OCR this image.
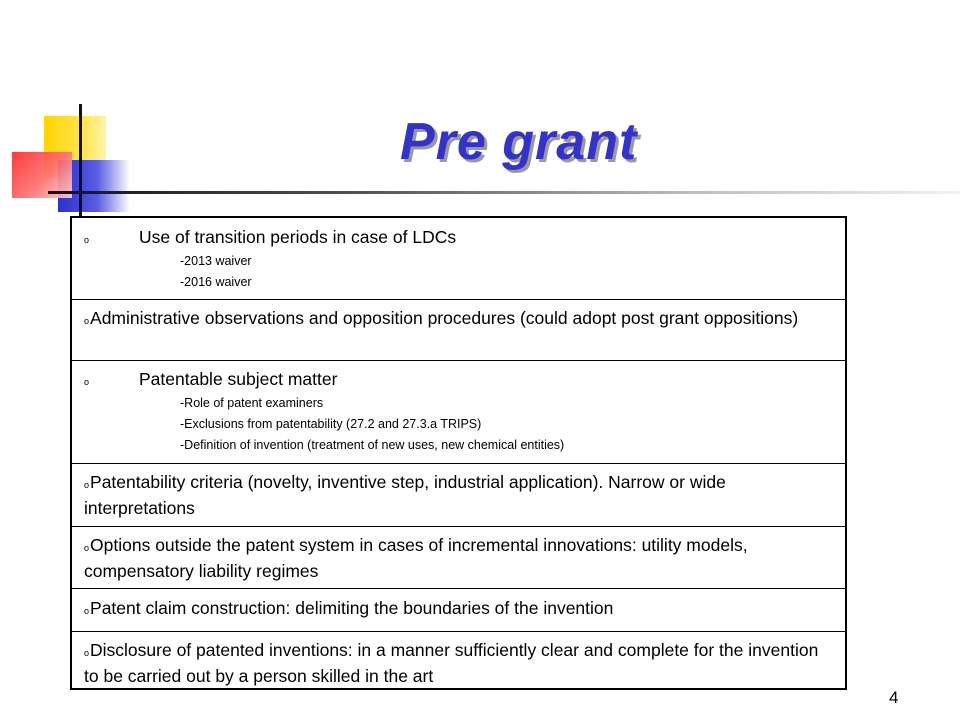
Pre grant
o	Use of transition periods in case of LDCs
-2013 waiver
-2016 waiver
oAdministrative observations and opposition procedures (could adopt post grant oppositions)
o	Patentable subject matter
-Role of patent examiners
-Exclusions from patentability (27.2 and 27.3.a TRIPS)
-Definition of invention (treatment of new uses, new chemical entities)
oPatentability criteria (novelty, inventive step, industrial application). Narrow or wide interpretations
oOptions outside the patent system in cases of incremental innovations: utility models, compensatory liability regimes
oPatent claim construction: delimiting the boundaries of the invention
oDisclosure of patented inventions: in a manner sufficiently clear and complete for the invention to be carried out by a person skilled in the art
4
